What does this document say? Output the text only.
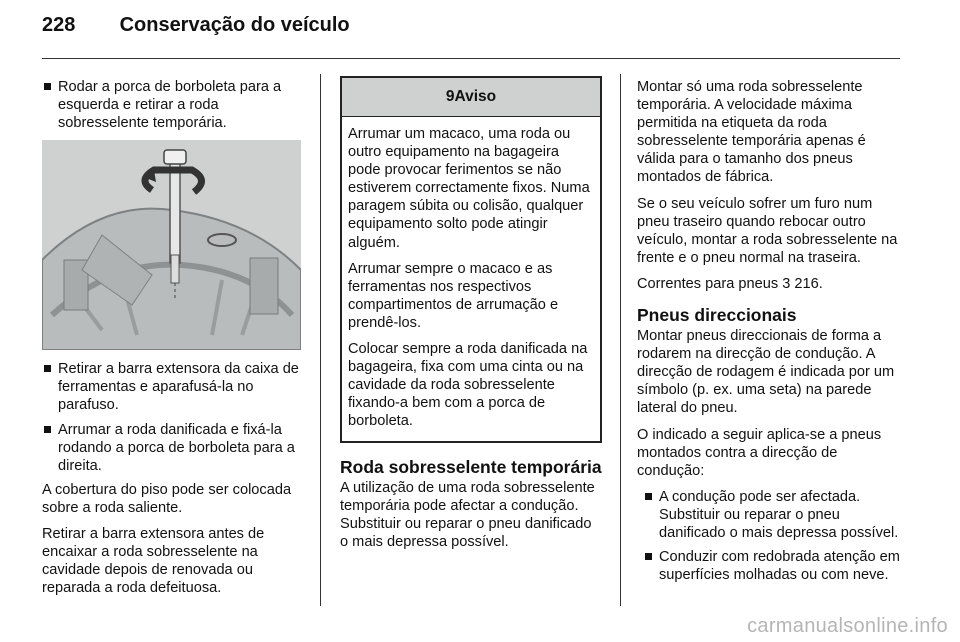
228 Conservação do veículo
Rodar a porca de borboleta para a esquerda e retirar a roda sobresselente temporária.
Retirar a barra extensora da caixa de ferramentas e aparafusá-la no parafuso.
Arrumar a roda danificada e fixá-la rodando a porca de borboleta para a direita.

A cobertura do piso pode ser colocada sobre a roda saliente.

Retirar a barra extensora antes de encaixar a roda sobresselente na cavidade depois de renovada ou reparada a roda defeituosa.

9Aviso

Arrumar um macaco, uma roda ou outro equipamento na bagageira pode provocar ferimentos se não estiverem correctamente fixos. Numa paragem súbita ou colisão, qualquer equipamento solto pode atingir alguém.

Arrumar sempre o macaco e as ferramentas nos respectivos compartimentos de arrumação e prendê-los.

Colocar sempre a roda danificada na bagageira, fixa com uma cinta ou na cavidade da roda sobresselente fixando-a bem com a porca de borboleta.

Roda sobresselente temporária

A utilização de uma roda sobresselente temporária pode afectar a condução. Substituir ou reparar o pneu danificado o mais depressa possível.

Montar só uma roda sobresselente temporária. A velocidade máxima permitida na etiqueta da roda sobresselente temporária apenas é válida para o tamanho dos pneus montados de fábrica.

Se o seu veículo sofrer um furo num pneu traseiro quando rebocar outro veículo, montar a roda sobresselente na frente e o pneu normal na traseira.

Correntes para pneus 3 216.

Pneus direccionais

Montar pneus direccionais de forma a rodarem na direcção de condução. A direcção de rodagem é indicada por um símbolo (p. ex. uma seta) na parede lateral do pneu.

O indicado a seguir aplica-se a pneus montados contra a direcção de condução:

A condução pode ser afectada. Substituir ou reparar o pneu danificado o mais depressa possível.
Conduzir com redobrada atenção em superfícies molhadas ou com neve.
carmanualsonline.info
